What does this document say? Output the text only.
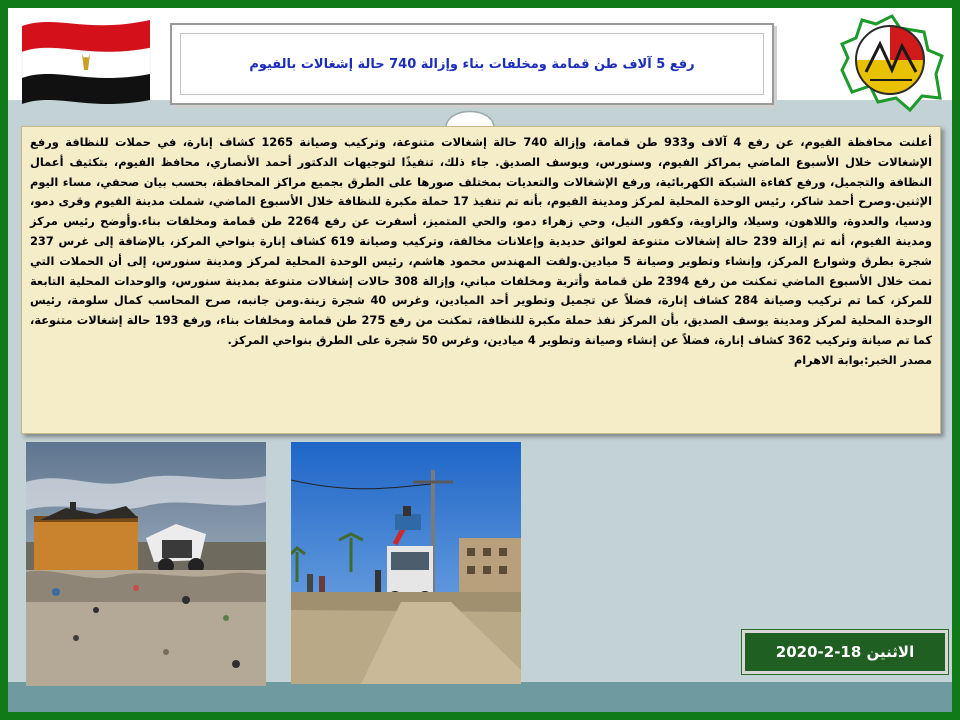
رفع 5 آلاف طن قمامة ومخلفات بناء وإزالة 740 حالة إشغالات بالفيوم

أعلنت محافظة الفيوم، عن رفع 4 آلاف و933 طن قمامة، وإزالة 740 حالة إشغالات متنوعة، وتركيب وصيانة 1265 كشاف إنارة، في حملات للنظافة ورفع الإشغالات خلال الأسبوع الماضي بمراكز الفيوم، وسنورس، ويوسف الصديق. جاء ذلك، تنفيذًا لتوجيهات الدكتور أحمد الأنصاري، محافظ الفيوم، بتكثيف أعمال النظافة والتجميل، ورفع كفاءة الشبكة الكهربائية، ورفع الإشغالات والتعديات بمختلف صورها على الطرق بجميع مراكز المحافظة، بحسب بيان صحفي، مساء اليوم الإثنين.وصرح أحمد شاكر، رئيس الوحدة المحلية لمركز ومدينة الفيوم، بأنه تم تنفيذ 17 حملة مكبرة للنظافة خلال الأسبوع الماضي، شملت مدينة الفيوم وقرى دمو، ودسيا، والعدوة، واللاهون، وسيلا، والزاوية، وكفور النيل، وحي زهراء دمو، والحي المتميز، أسفرت عن رفع 2264 طن قمامة ومخلفات بناء.وأوضح رئيس مركز ومدينة الفيوم، أنه تم إزالة 239 حالة إشغالات متنوعة لعوائق حديدية وإعلانات مخالفة، وتركيب وصيانة 619 كشاف إنارة بنواحي المركز، بالإضافة إلى غرس 237 شجرة بطرق وشوارع المركز، وإنشاء وتطوير وصيانة 5 ميادين.ولفت المهندس محمود هاشم، رئيس الوحدة المحلية لمركز ومدينة سنورس، إلى أن الحملات التي تمت خلال الأسبوع الماضي تمكنت من رفع 2394 طن قمامة وأتربة ومخلفات مباني، وإزالة 308 حالات إشغالات متنوعة بمدينة سنورس، والوحدات المحلية التابعة للمركز، كما تم تركيب وصيانة 284 كشاف إنارة، فضلاً عن تجميل وتطوير أحد الميادين، وغرس 40 شجرة زينة.ومن جانبه، صرح المحاسب كمال سلومة، رئيس الوحدة المحلية لمركز ومدينة يوسف الصديق، بأن المركز نفذ حملة مكبرة للنظافة، تمكنت من رفع 275 طن قمامة ومخلفات بناء، ورفع 193 حالة إشغالات متنوعة، كما تم صيانة وتركيب 362 كشاف إنارة، فضلاً عن إنشاء وصيانة وتطوير 4 ميادين، وغرس 50 شجرة على الطرق بنواحي المركز.

مصدر الخبر:بوابة الاهرام

الاثنين 18-2-2020
